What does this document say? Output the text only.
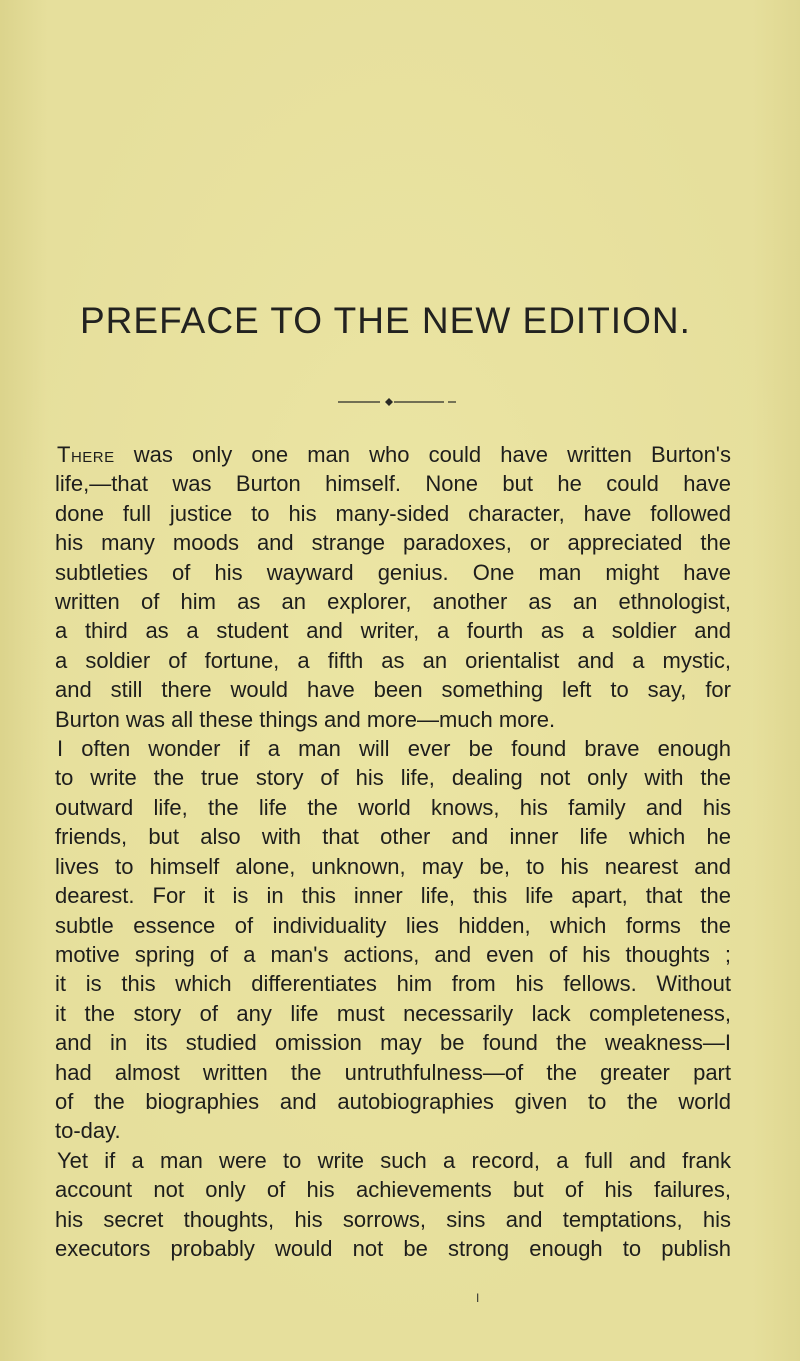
PREFACE TO THE NEW EDITION.

There was only one man who could have written Burton's
life,—that was Burton himself. None but he could have
done full justice to his many-sided character, have followed
his many moods and strange paradoxes, or appreciated the
subtleties of his wayward genius. One man might have
written of him as an explorer, another as an ethnologist,
a third as a student and writer, a fourth as a soldier and
a soldier of fortune, a fifth as an orientalist and a mystic,
and still there would have been something left to say, for
Burton was all these things and more—much more.

I often wonder if a man will ever be found brave enough
to write the true story of his life, dealing not only with the
outward life, the life the world knows, his family and his
friends, but also with that other and inner life which he
lives to himself alone, unknown, may be, to his nearest and
dearest. For it is in this inner life, this life apart, that the
subtle essence of individuality lies hidden, which forms the
motive spring of a man's actions, and even of his thoughts ;
it is this which differentiates him from his fellows. Without
it the story of any life must necessarily lack completeness,
and in its studied omission may be found the weakness—I
had almost written the untruthfulness—of the greater part
of the biographies and autobiographies given to the world
to-day.

Yet if a man were to write such a record, a full and frank
account not only of his achievements but of his failures,
his secret thoughts, his sorrows, sins and temptations, his
executors probably would not be strong enough to publish

I
